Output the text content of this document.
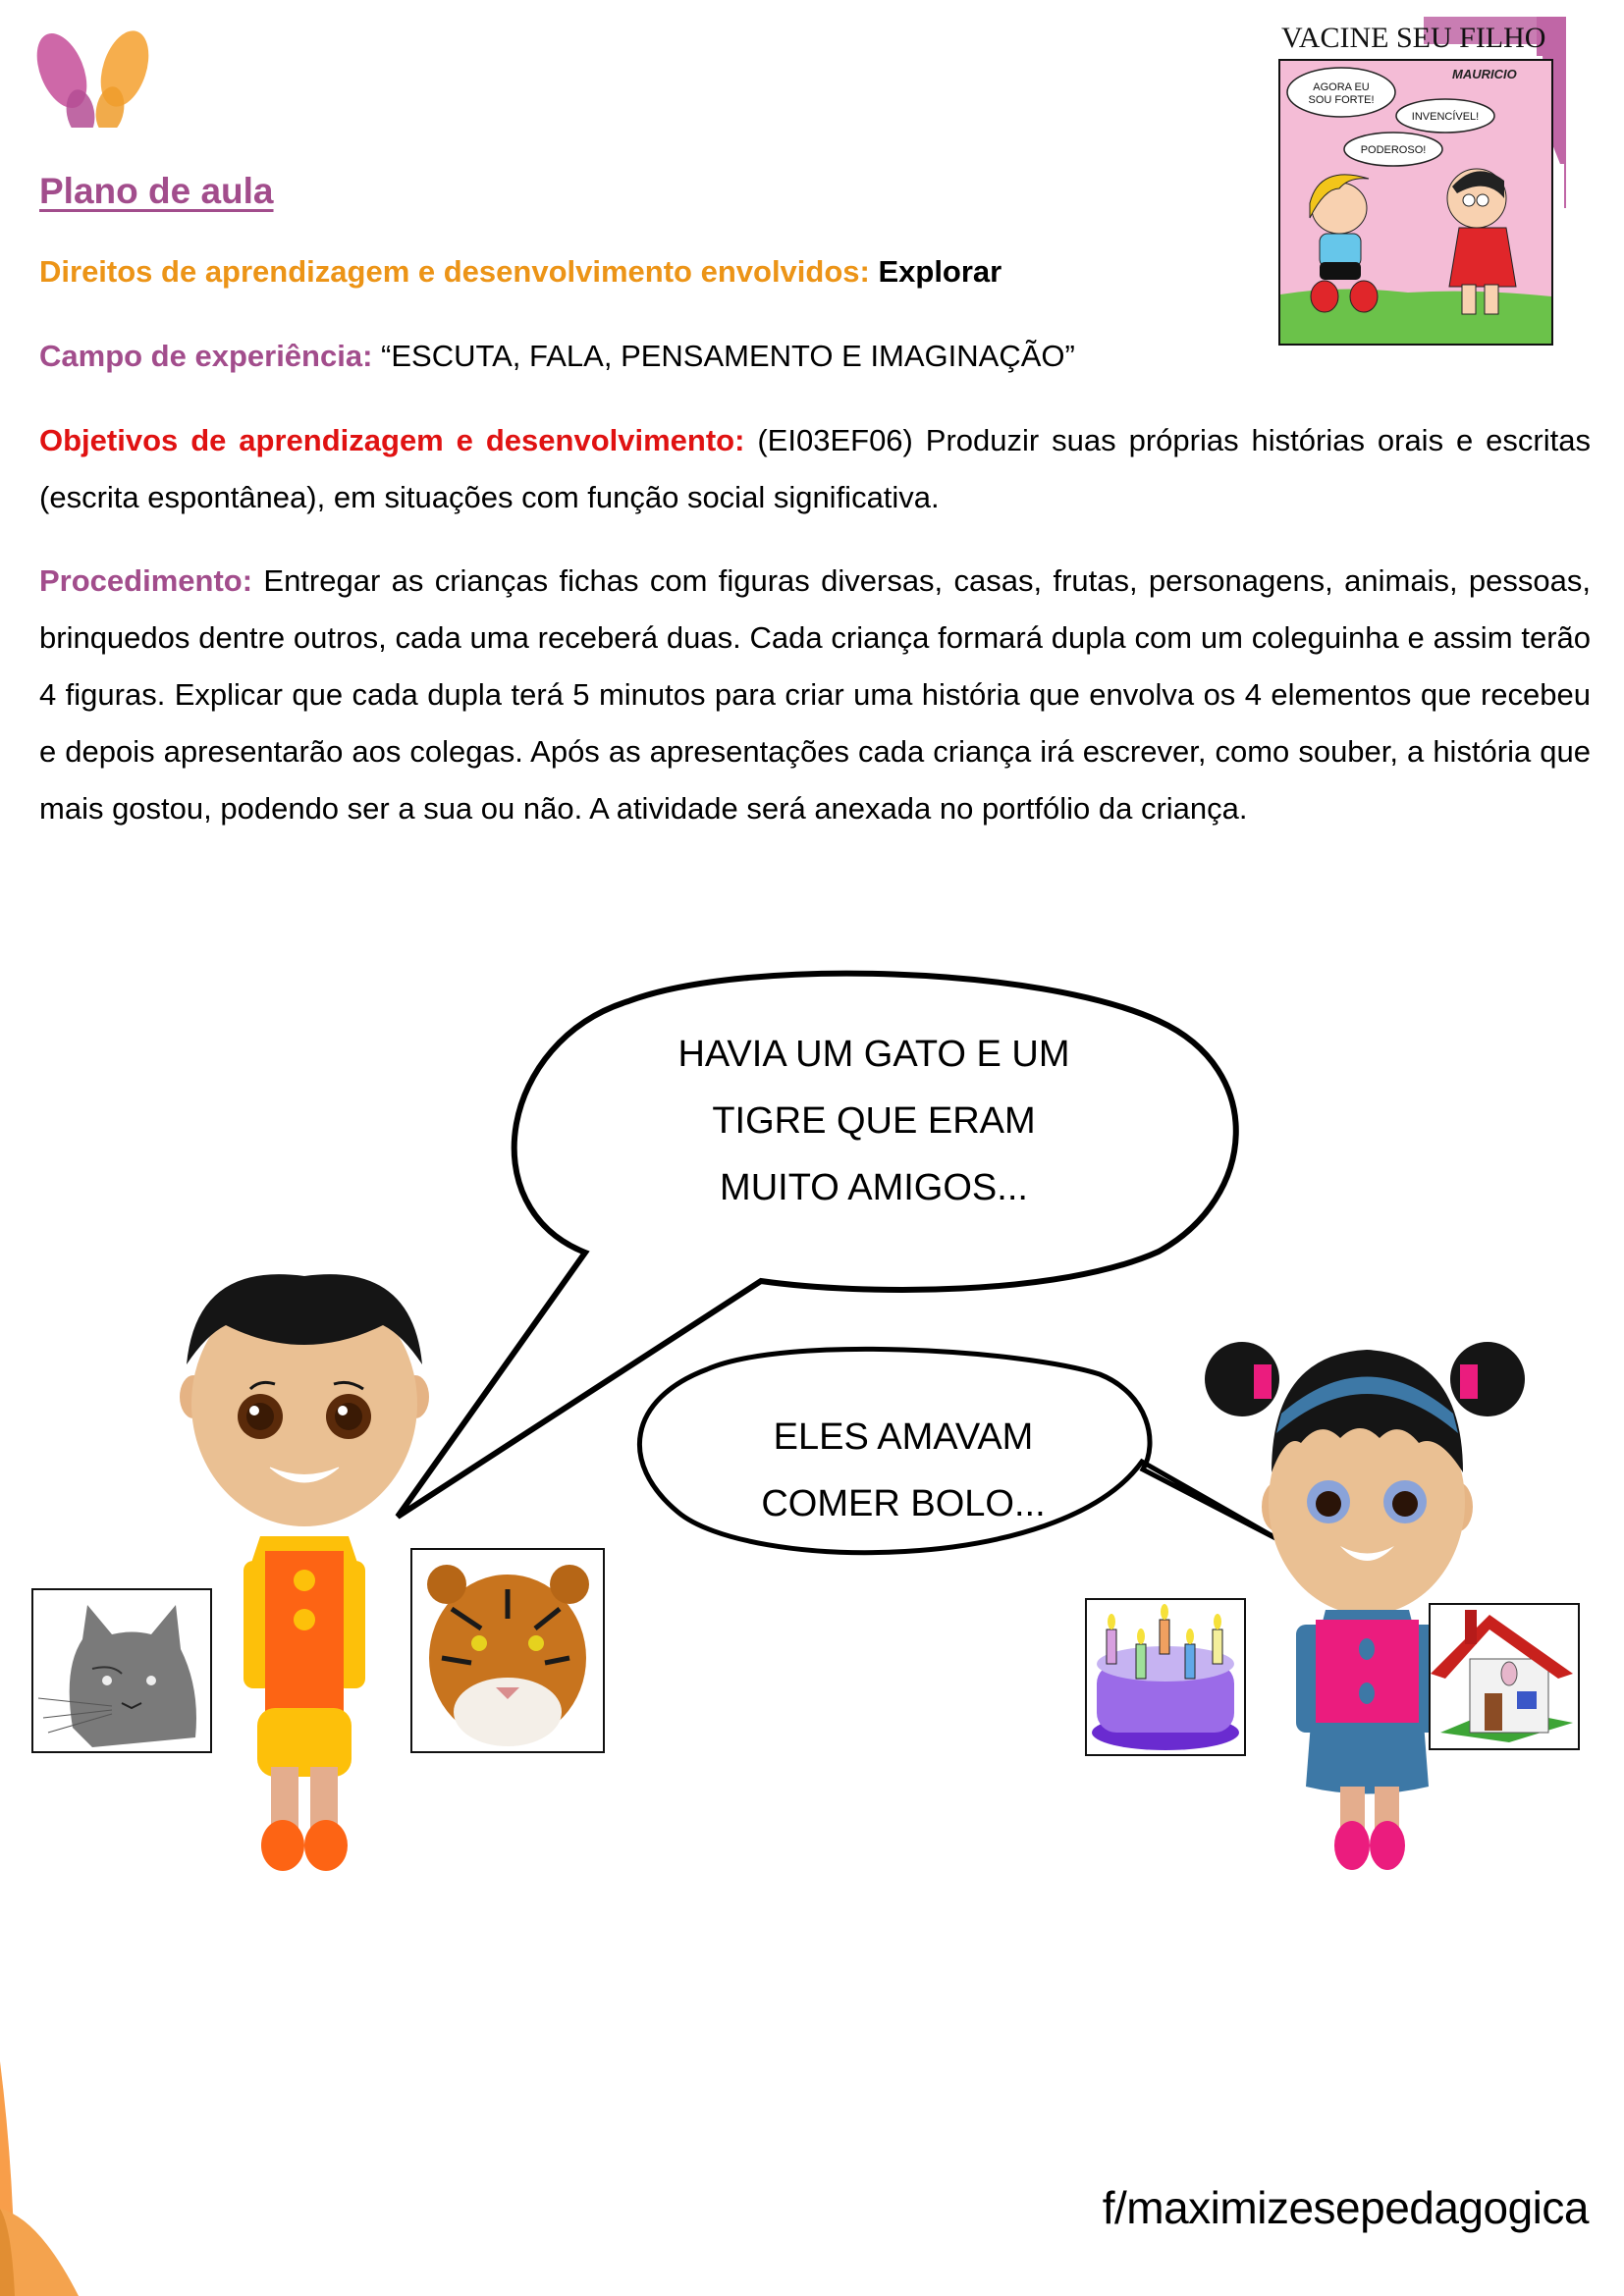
VACINE SEU FILHO
MAURICIO
AGORA EU
SOU FORTE!
INVENCÍVEL!
PODEROSO!
Plano de aula
Direitos de aprendizagem e desenvolvimento envolvidos: Explorar
Campo de experiência: “ESCUTA, FALA, PENSAMENTO E IMAGINAÇÃO”
Objetivos de aprendizagem e desenvolvimento: (EI03EF06) Produzir suas próprias histórias orais e escritas (escrita espontânea), em situações com função social significativa.
Procedimento: Entregar as crianças fichas com figuras diversas, casas, frutas, personagens, animais, pessoas, brinquedos dentre outros, cada uma receberá duas. Cada criança formará dupla com um coleguinha e assim terão 4 figuras. Explicar que cada dupla terá 5 minutos para criar uma história que envolva os 4 elementos que recebeu e depois apresentarão aos colegas. Após as apresentações cada criança irá escrever, como souber, a história que mais gostou, podendo ser a sua ou não. A atividade será anexada no portfólio da criança.
HAVIA UM GATO E UM
TIGRE QUE ERAM
MUITO AMIGOS...
ELES AMAVAM
COMER BOLO...
f/maximizesepedagogica
